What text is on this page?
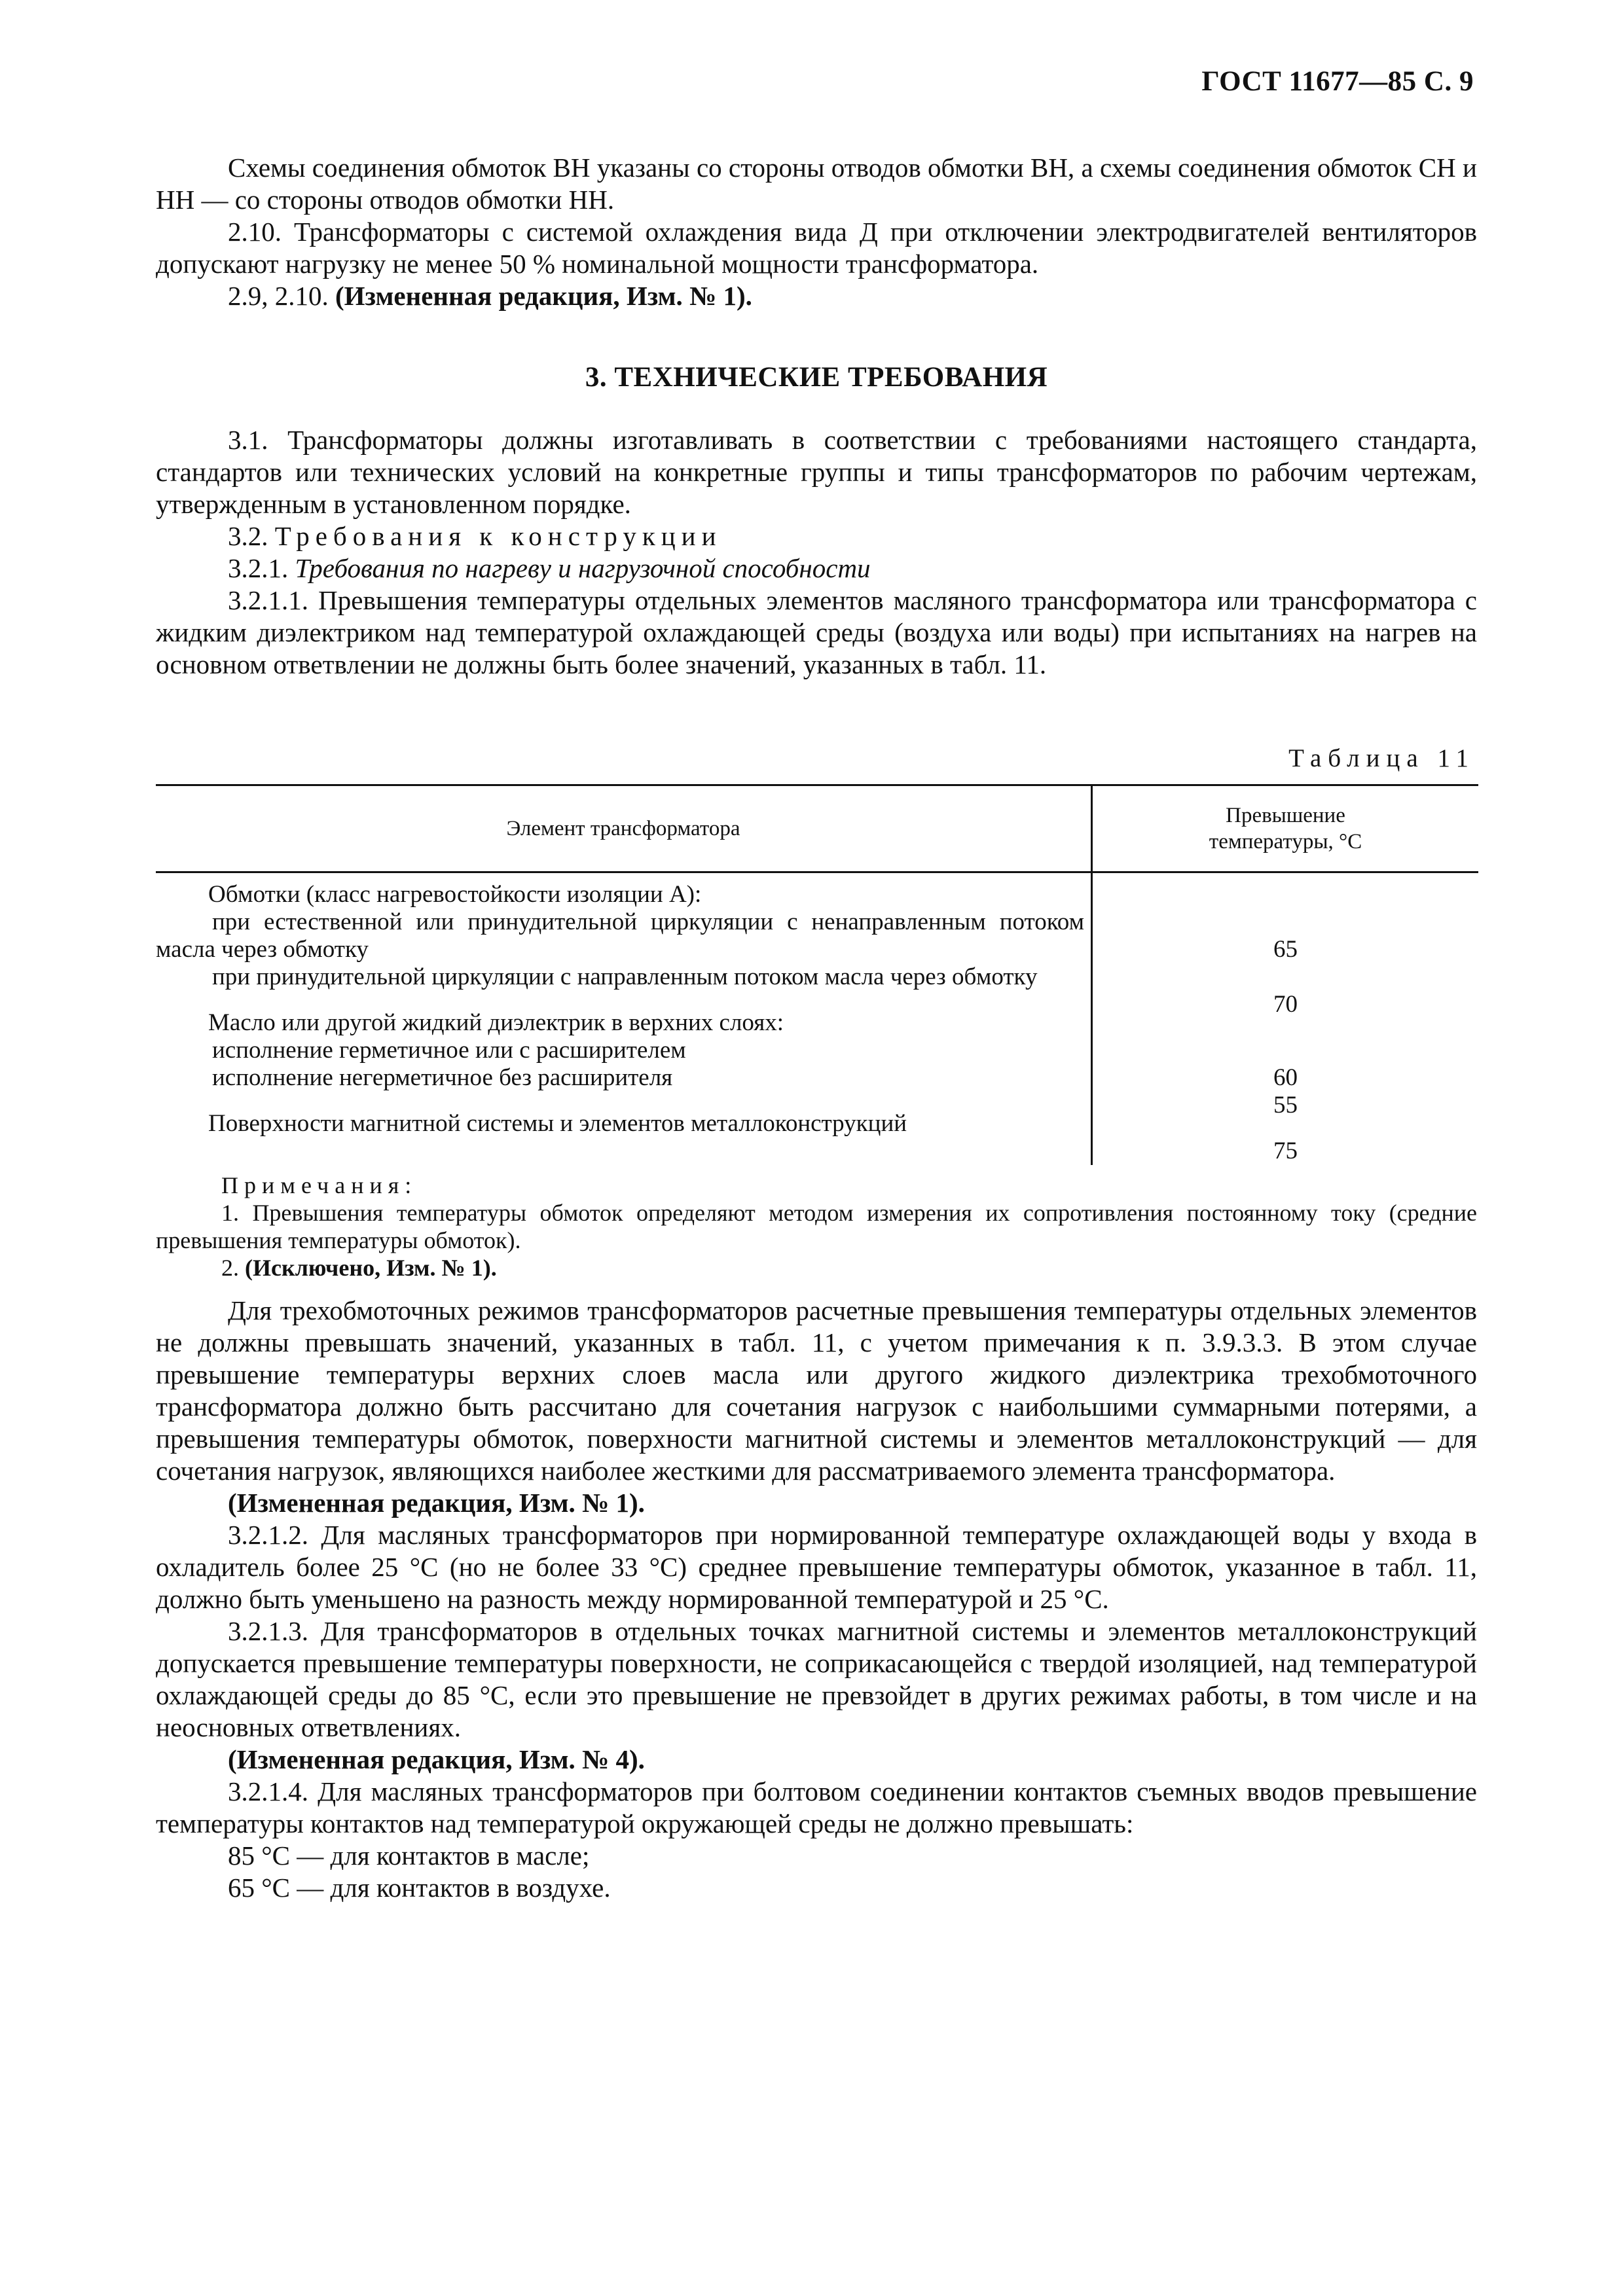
ГОСТ 11677—85 С. 9

Схемы соединения обмоток ВН указаны со стороны отводов обмотки ВН, а схемы соединения обмоток СН и НН — со стороны отводов обмотки НН.

2.10. Трансформаторы с системой охлаждения вида Д при отключении электродвигателей вентиляторов допускают нагрузку не менее 50 % номинальной мощности трансформатора.

2.9, 2.10. (Измененная редакция, Изм. № 1).

3. ТЕХНИЧЕСКИЕ ТРЕБОВАНИЯ

3.1. Трансформаторы должны изготавливать в соответствии с требованиями настоящего стандарта, стандартов или технических условий на конкретные группы и типы трансформаторов по рабочим чертежам, утвержденным в установленном порядке.

3.2. Требования к конструкции

3.2.1. Требования по нагреву и нагрузочной способности

3.2.1.1. Превышения температуры отдельных элементов масляного трансформатора или трансформатора с жидким диэлектриком над температурой охлаждающей среды (воздуха или воды) при испытаниях на нагрев на основном ответвлении не должны быть более значений, указанных в табл. 11.

Таблица 11
Элемент трансформатора
Превышение
температуры, °С
Обмотки (класс нагревостойкости изоляции А):
при естественной или принудительной циркуляции с ненаправленным потоком масла через обмотку
при принудительной циркуляции с направленным потоком масла через обмотку
Масло или другой жидкий диэлектрик в верхних слоях:
исполнение герметичное или с расширителем
исполнение негерметичное без расширителя
Поверхности магнитной системы и элементов металлоконструкций

65

70

60
55
75

Примечания:

1. Превышения температуры обмоток определяют методом измерения их сопротивления постоянному току (средние превышения температуры обмоток).

2. (Исключено, Изм. № 1).

Для трехобмоточных режимов трансформаторов расчетные превышения температуры отдельных элементов не должны превышать значений, указанных в табл. 11, с учетом примечания к п. 3.9.3.3. В этом случае превышение температуры верхних слоев масла или другого жидкого диэлектрика трехобмоточного трансформатора должно быть рассчитано для сочетания нагрузок с наибольшими суммарными потерями, а превышения температуры обмоток, поверхности магнитной системы и элементов металлоконструкций — для сочетания нагрузок, являющихся наиболее жесткими для рассматриваемого элемента трансформатора.

(Измененная редакция, Изм. № 1).

3.2.1.2. Для масляных трансформаторов при нормированной температуре охлаждающей воды у входа в охладитель более 25 °С (но не более 33 °С) среднее превышение температуры обмоток, указанное в табл. 11, должно быть уменьшено на разность между нормированной температурой и 25 °С.

3.2.1.3. Для трансформаторов в отдельных точках магнитной системы и элементов металлоконструкций допускается превышение температуры поверхности, не соприкасающейся с твердой изоляцией, над температурой охлаждающей среды до 85 °С, если это превышение не превзойдет в других режимах работы, в том числе и на неосновных ответвлениях.

(Измененная редакция, Изм. № 4).

3.2.1.4. Для масляных трансформаторов при болтовом соединении контактов съемных вводов превышение температуры контактов над температурой окружающей среды не должно превышать:

85 °С — для контактов в масле;

65 °С — для контактов в воздухе.
